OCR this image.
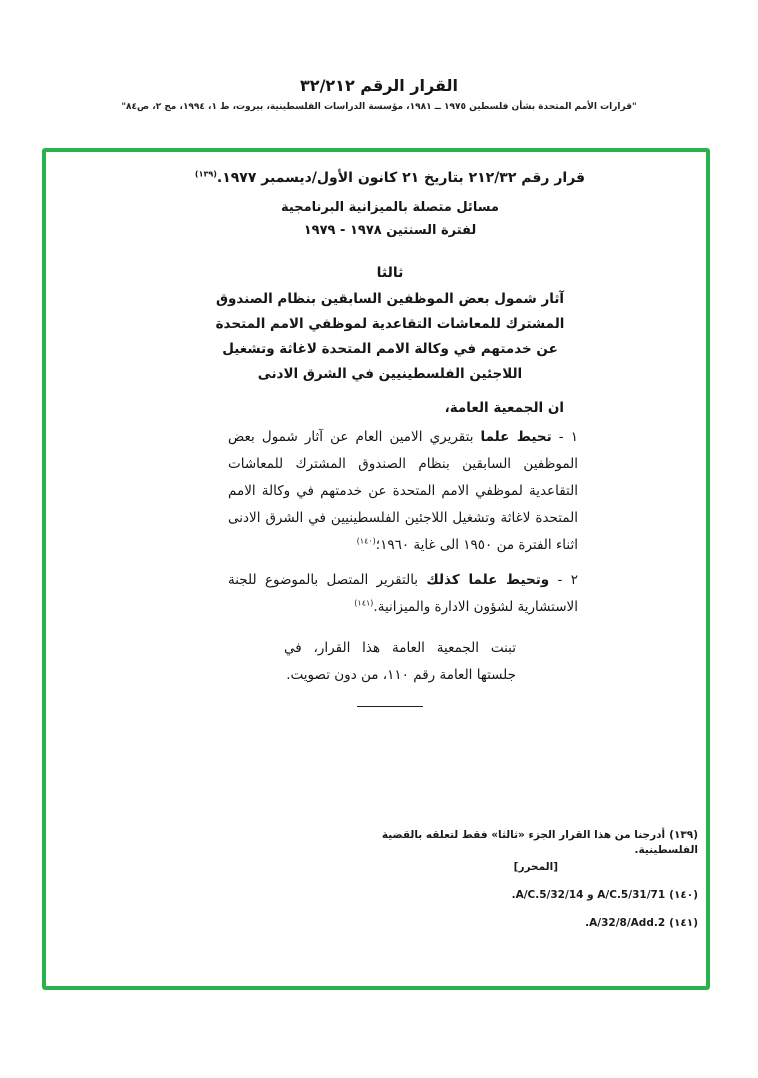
القرار الرقم ٣٢/٢١٢
"قرارات الأمم المتحدة بشأن فلسطين ١٩٧٥ ــ ١٩٨١، مؤسسة الدراسات الفلسطينية، بيروت، ط ١، ١٩٩٤، مج ٢، ص٨٤"
قرار رقم ٢١٢/٣٢ بتاريخ ٢١ كانون الأول/ديسمبر ١٩٧٧.$^{(١٣٩)}$
مسائل متصلة بالميزانية البرنامجية
لفترة السنتين ١٩٧٨ - ١٩٧٩
ثالثا
آثار شمول بعض الموظفين السابقين بنظام الصندوق
المشترك للمعاشات التقاعدية لموظفي الامم المتحدة
عن خدمتهم في وكالة الامم المتحدة لاغاثة وتشغيل
اللاجئين الفلسطينيين في الشرق الادنى
ان الجمعية العامة،

١ - تحيط علما بتقريري الامين العام عن آثار شمول بعض الموظفين السابقين بنظام الصندوق المشترك للمعاشات التقاعدية لموظفي الامم المتحدة عن خدمتهم في وكالة الامم المتحدة لاغاثة وتشغيل اللاجئين الفلسطينيين في الشرق الادنى اثناء الفترة من ١٩٥٠ الى غاية ١٩٦٠؛$^{(١٤٠)}$

٢ - وتحيط علما كذلك بالتقرير المتصل بالموضوع للجنة الاستشارية لشؤون الادارة والميزانية.$^{(١٤١)}$

تبنت الجمعية العامة هذا القرار، في جلستها العامة رقم ١١٠، من دون تصويت.

(١٣٩)أدرجنا من هذا القرار الجزء «ثالثا» فقط لتعلقه بالقضية الفلسطينية.
[المحرر]
(١٤٠)A/C.5/31/71 و A/C.5/32/14.
(١٤١)A/32/8/Add.2.
